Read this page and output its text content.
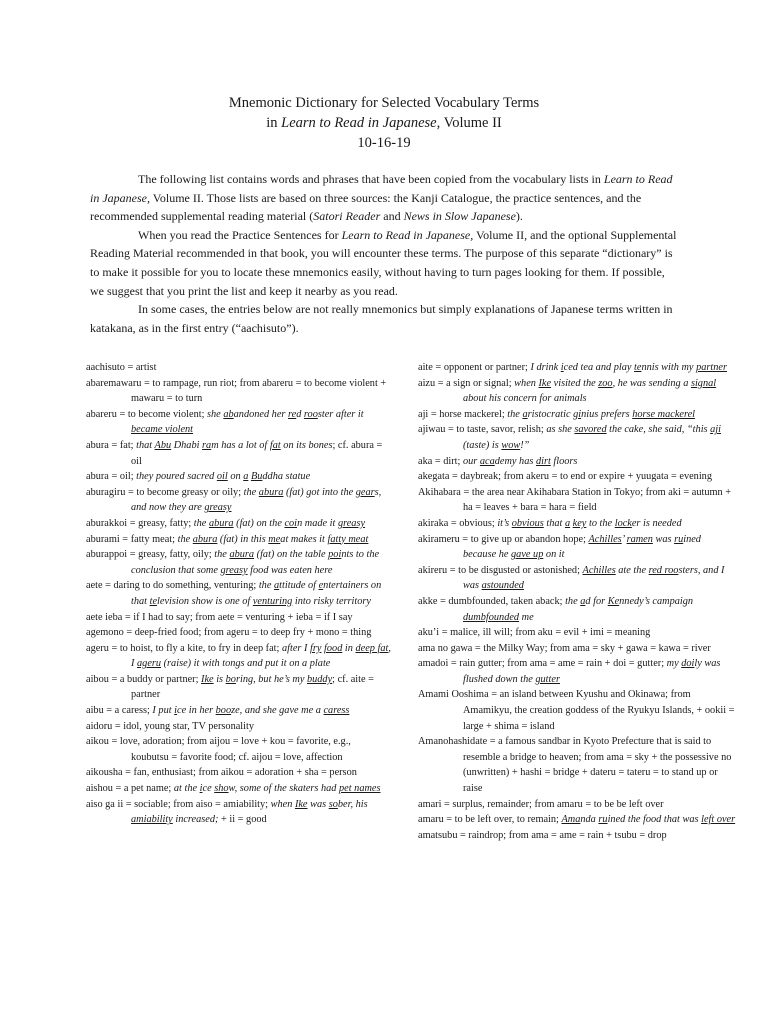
Mnemonic Dictionary for Selected Vocabulary Terms
in Learn to Read in Japanese, Volume II
10-16-19

The following list contains words and phrases that have been copied from the vocabulary lists in Learn to Read in Japanese, Volume II. Those lists are based on three sources: the Kanji Catalogue, the practice sentences, and the recommended supplemental reading material (Satori Reader and News in Slow Japanese).

When you read the Practice Sentences for Learn to Read in Japanese, Volume II, and the optional Supplemental Reading Material recommended in that book, you will encounter these terms. The purpose of this separate “dictionary” is to make it possible for you to locate these mnemonics easily, without having to turn pages looking for them. If possible, we suggest that you print the list and keep it nearby as you read.

In some cases, the entries below are not really mnemonics but simply explanations of Japanese terms written in katakana, as in the first entry (“aachisuto”).

aachisuto = artist
abaremawaru = to rampage, run riot; from abareru = to become violent + mawaru = to turn
abareru = to become violent; she abandoned her red rooster after it became violent
abura = fat; that Abu Dhabi ram has a lot of fat on its bones; cf. abura = oil
abura = oil; they poured sacred oil on a Buddha statue
aburagiru = to become greasy or oily; the abura (fat) got into the gears, and now they are greasy
aburakkoi = greasy, fatty; the abura (fat) on the coin made it greasy
aburami = fatty meat; the abura (fat) in this meat makes it fatty meat
aburappoi = greasy, fatty, oily; the abura (fat) on the table points to the conclusion that some greasy food was eaten here
aete = daring to do something, venturing; the attitude of entertainers on that television show is one of venturing into risky territory
aete ieba = if I had to say; from aete = venturing + ieba = if I say
agemono = deep-fried food; from ageru = to deep fry + mono = thing
ageru = to hoist, to fly a kite, to fry in deep fat; after I fry food in deep fat, I ageru (raise) it with tongs and put it on a plate
aibou = a buddy or partner; Ike is boring, but he’s my buddy; cf. aite = partner
aibu = a caress; I put ice in her booze, and she gave me a caress
aidoru = idol, young star, TV personality
aikou = love, adoration; from aijou = love + kou = favorite, e.g., koubutsu = favorite food; cf. aijou = love, affection
aikousha = fan, enthusiast; from aikou = adoration + sha = person
aishou = a pet name; at the ice show, some of the skaters had pet names
aiso ga ii = sociable; from aiso = amiability; when Ike was sober, his amiability increased; + ii = good
aite = opponent or partner; I drink iced tea and play tennis with my partner
aizu = a sign or signal; when Ike visited the zoo, he was sending a signal about his concern for animals
aji = horse mackerel; the aristocratic ginius prefers horse mackerel
ajiwau = to taste, savor, relish; as she savored the cake, she said, “this aji (taste) is wow!”
aka = dirt; our academy has dirt floors
akegata = daybreak; from akeru = to end or expire + yuugata = evening
Akihabara = the area near Akihabara Station in Tokyo; from aki = autumn + ha = leaves + bara = hara = field
akiraka = obvious; it’s obvious that a key to the locker is needed
akirameru = to give up or abandon hope; Achilles’ ramen was ruined because he gave up on it
akireru = to be disgusted or astonished; Achilles ate the red roosters, and I was astounded
akke = dumbfounded, taken aback; the ad for Kennedy’s campaign dumbfounded me
aku’i = malice, ill will; from aku = evil + imi = meaning
ama no gawa = the Milky Way; from ama = sky + gawa = kawa = river
amadoi = rain gutter; from ama = ame = rain + doi = gutter; my doily was flushed down the gutter
Amami Ooshima = an island between Kyushu and Okinawa; from Amamikyu, the creation goddess of the Ryukyu Islands, + ookii = large + shima = island
Amanohashidate = a famous sandbar in Kyoto Prefecture that is said to resemble a bridge to heaven; from ama = sky + the possessive no (unwritten) + hashi = bridge + dateru = tateru = to stand up or raise
amari = surplus, remainder; from amaru = to be be left over
amaru = to be left over, to remain; Amanda ruined the food that was left over
amatsubu = raindrop; from ama = ame = rain + tsubu = drop
